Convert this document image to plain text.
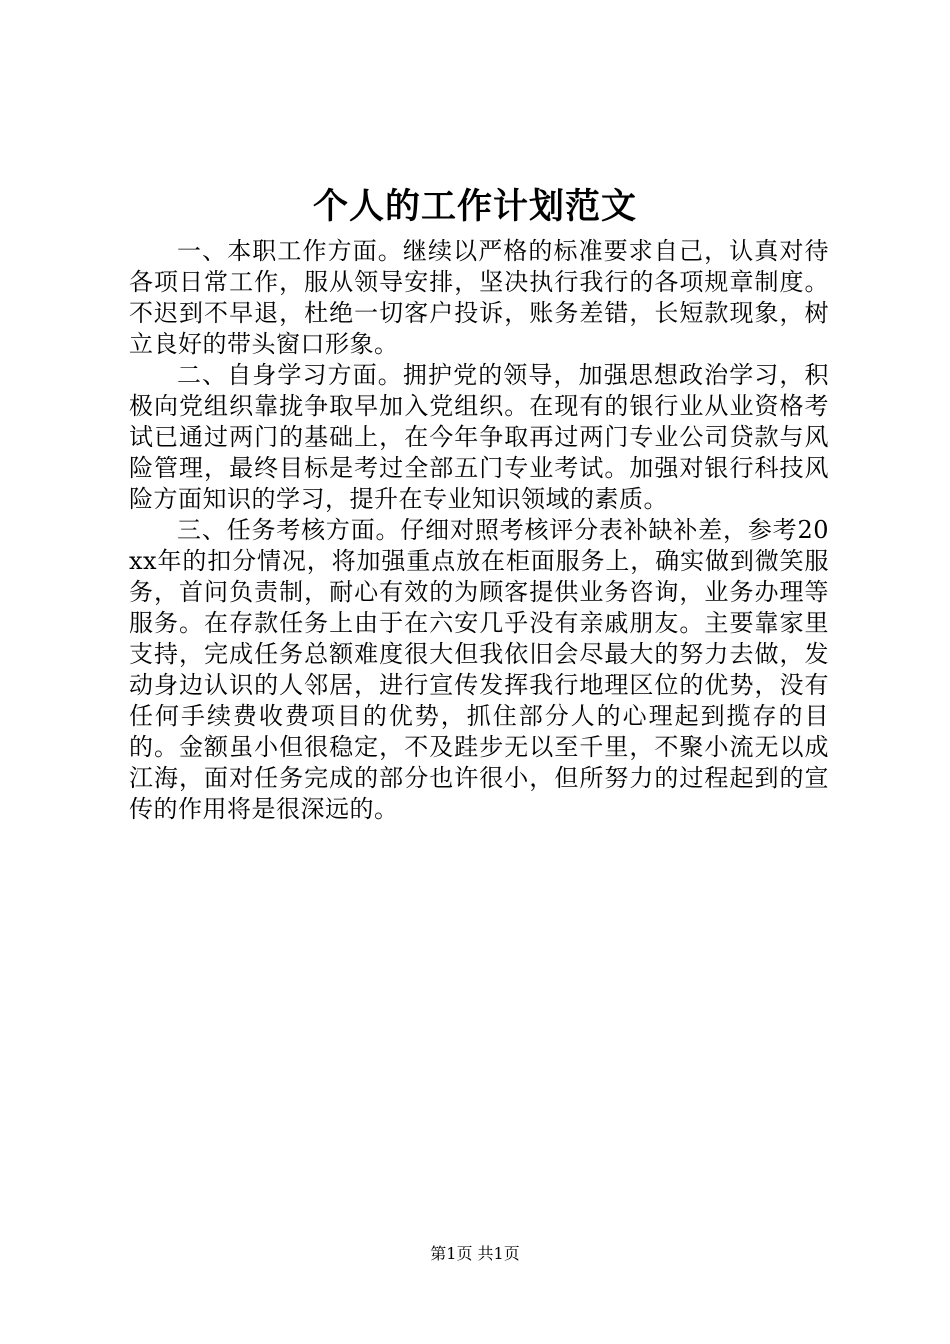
个人的工作计划范文

一、本职工作方面。继续以严格的标准要求自己，认真对待各项日常工作，服从领导安排，坚决执行我行的各项规章制度。不迟到不早退，杜绝一切客户投诉，账务差错，长短款现象，树立良好的带头窗口形象。

二、自身学习方面。拥护党的领导，加强思想政治学习，积极向党组织靠拢争取早加入党组织。在现有的银行业从业资格考试已通过两门的基础上，在今年争取再过两门专业公司贷款与风险管理，最终目标是考过全部五门专业考试。加强对银行科技风险方面知识的学习，提升在专业知识领域的素质。

三、任务考核方面。仔细对照考核评分表补缺补差，参考20xx年的扣分情况，将加强重点放在柜面服务上，确实做到微笑服务，首问负责制，耐心有效的为顾客提供业务咨询，业务办理等服务。在存款任务上由于在六安几乎没有亲戚朋友。主要靠家里支持，完成任务总额难度很大但我依旧会尽最大的努力去做，发动身边认识的人邻居，进行宣传发挥我行地理区位的优势，没有任何手续费收费项目的优势，抓住部分人的心理起到揽存的目的。金额虽小但很稳定，不及跬步无以至千里，不聚小流无以成江海，面对任务完成的部分也许很小，但所努力的过程起到的宣传的作用将是很深远的。

第1页 共1页
